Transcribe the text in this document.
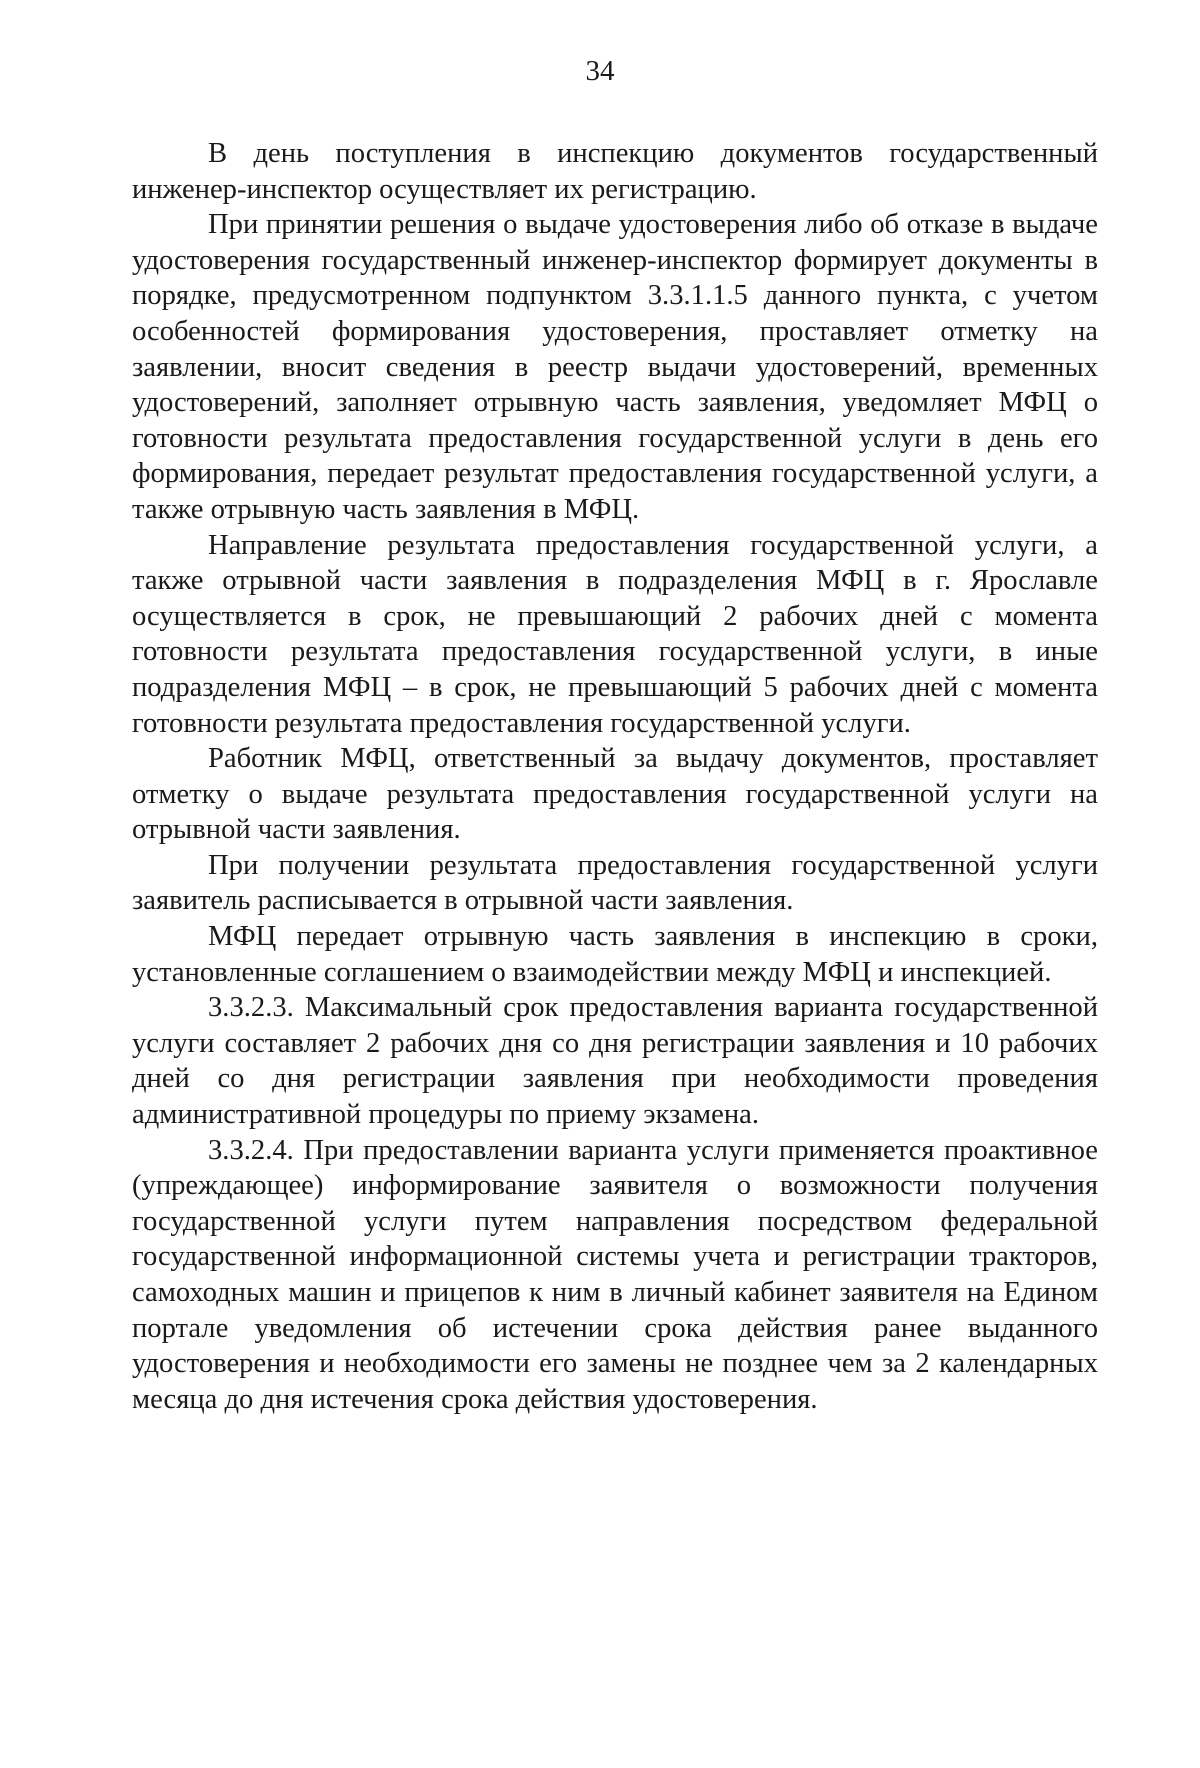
34

В день поступления в инспекцию документов государственный инженер-инспектор осуществляет их регистрацию.

При принятии решения о выдаче удостоверения либо об отказе в выдаче удостоверения государственный инженер-инспектор формирует документы в порядке, предусмотренном подпунктом 3.3.1.1.5 данного пункта, с учетом особенностей формирования удостоверения, проставляет отметку на заявлении, вносит сведения в реестр выдачи удостоверений, временных удостоверений, заполняет отрывную часть заявления, уведомляет МФЦ о готовности результата предоставления государственной услуги в день его формирования, передает результат предоставления государственной услуги, а также отрывную часть заявления в МФЦ.

Направление результата предоставления государственной услуги, а также отрывной части заявления в подразделения МФЦ в г. Ярославле осуществляется в срок, не превышающий 2 рабочих дней с момента готовности результата предоставления государственной услуги, в иные подразделения МФЦ – в срок, не превышающий 5 рабочих дней с момента готовности результата предоставления государственной услуги.

Работник МФЦ, ответственный за выдачу документов, проставляет отметку о выдаче результата предоставления государственной услуги на отрывной части заявления.

При получении результата предоставления государственной услуги заявитель расписывается в отрывной части заявления.

МФЦ передает отрывную часть заявления в инспекцию в сроки, установленные соглашением о взаимодействии между МФЦ и инспекцией.

3.3.2.3. Максимальный срок предоставления варианта государственной услуги составляет 2 рабочих дня со дня регистрации заявления и 10 рабочих дней со дня регистрации заявления при необходимости проведения административной процедуры по приему экзамена.

3.3.2.4. При предоставлении варианта услуги применяется проактивное (упреждающее) информирование заявителя о возможности получения государственной услуги путем направления посредством федеральной государственной информационной системы учета и регистрации тракторов, самоходных машин и прицепов к ним в личный кабинет заявителя на Едином портале уведомления об истечении срока действия ранее выданного удостоверения и необходимости его замены не позднее чем за 2 календарных месяца до дня истечения срока действия удостоверения.
